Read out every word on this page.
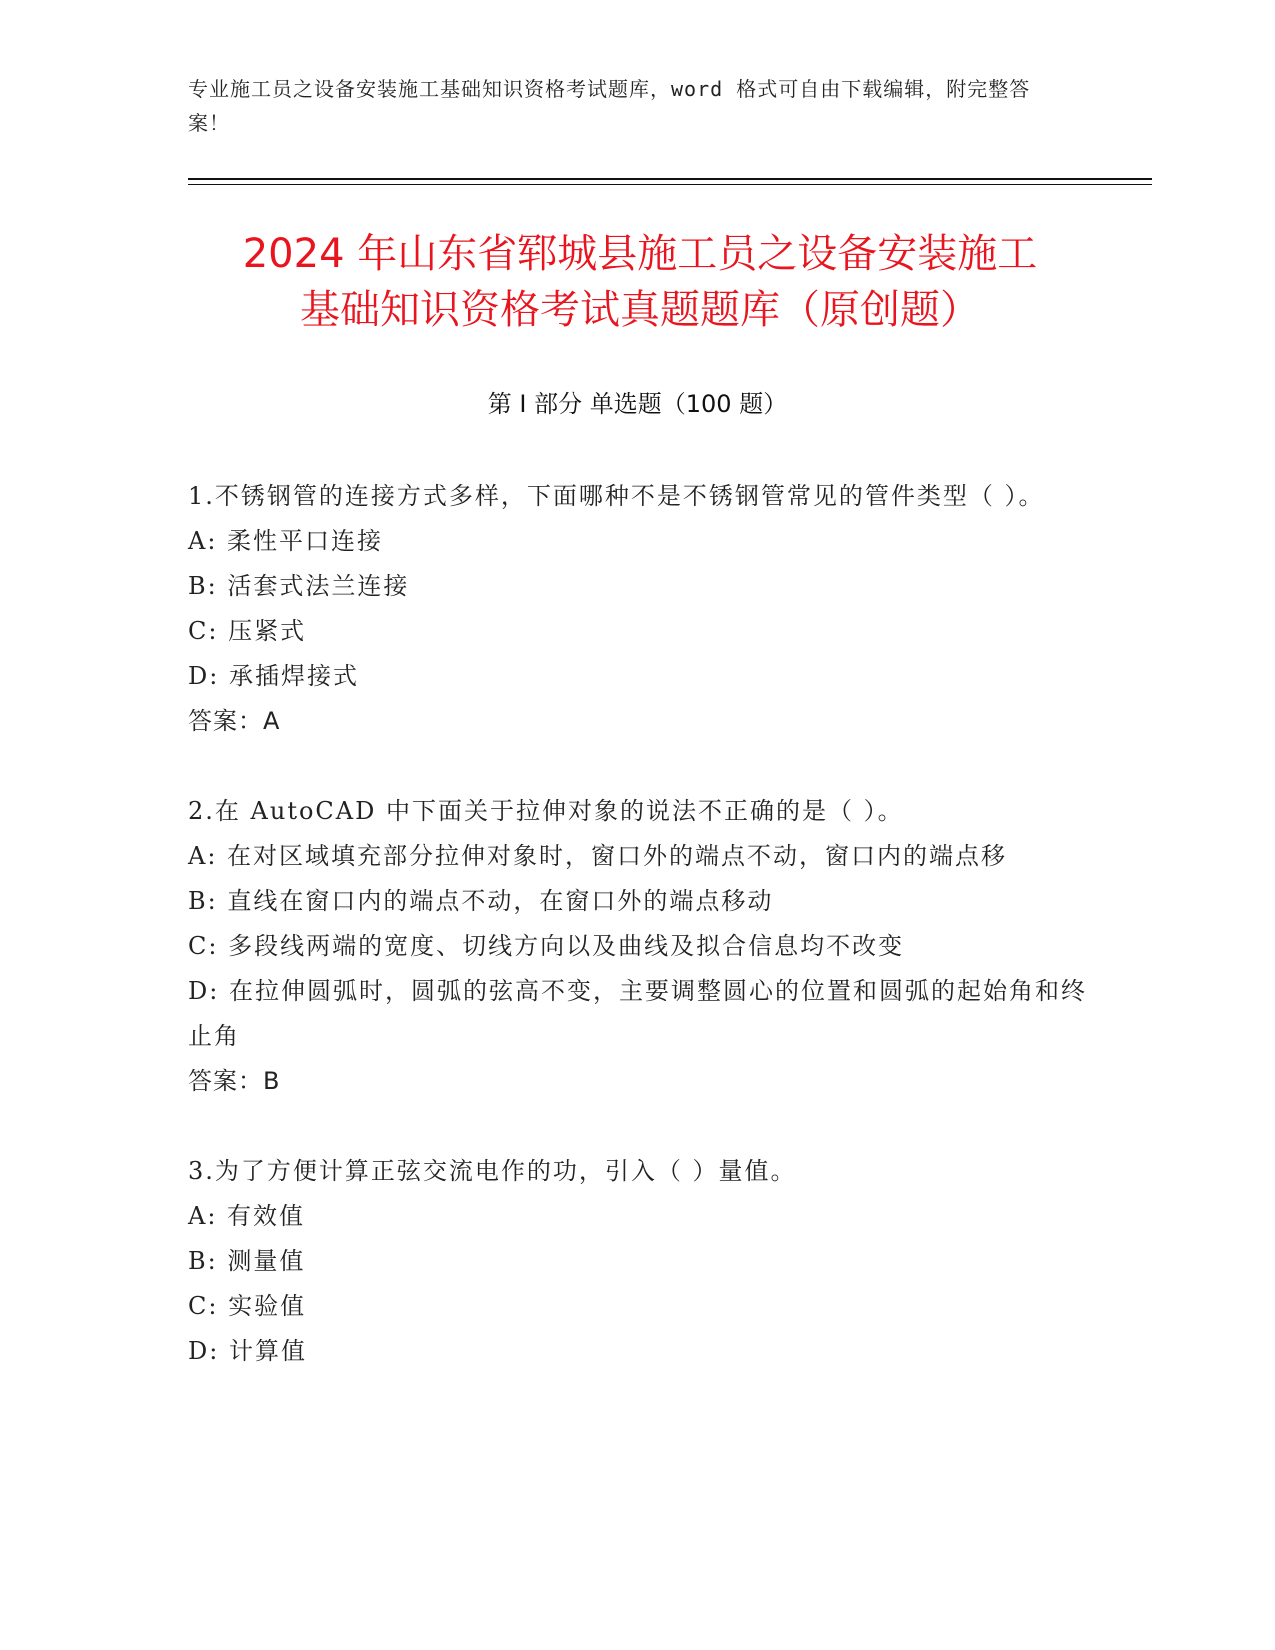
专业施工员之设备安装施工基础知识资格考试题库，word 格式可自由下载编辑，附完整答案！
2024 年山东省郓城县施工员之设备安装施工
基础知识资格考试真题题库（原创题）
第 I 部分 单选题（100 题）

1.不锈钢管的连接方式多样，下面哪种不是不锈钢管常见的管件类型（ ）。

A: 柔性平口连接

B: 活套式法兰连接

C: 压紧式

D: 承插焊接式

答案：A

2.在 AutoCAD 中下面关于拉伸对象的说法不正确的是（ ）。

A: 在对区域填充部分拉伸对象时，窗口外的端点不动，窗口内的端点移

B: 直线在窗口内的端点不动，在窗口外的端点移动

C: 多段线两端的宽度、切线方向以及曲线及拟合信息均不改变

D: 在拉伸圆弧时，圆弧的弦高不变，主要调整圆心的位置和圆弧的起始角和终止角

答案：B

3.为了方便计算正弦交流电作的功，引入（ ）量值。

A: 有效值

B: 测量值

C: 实验值

D: 计算值
